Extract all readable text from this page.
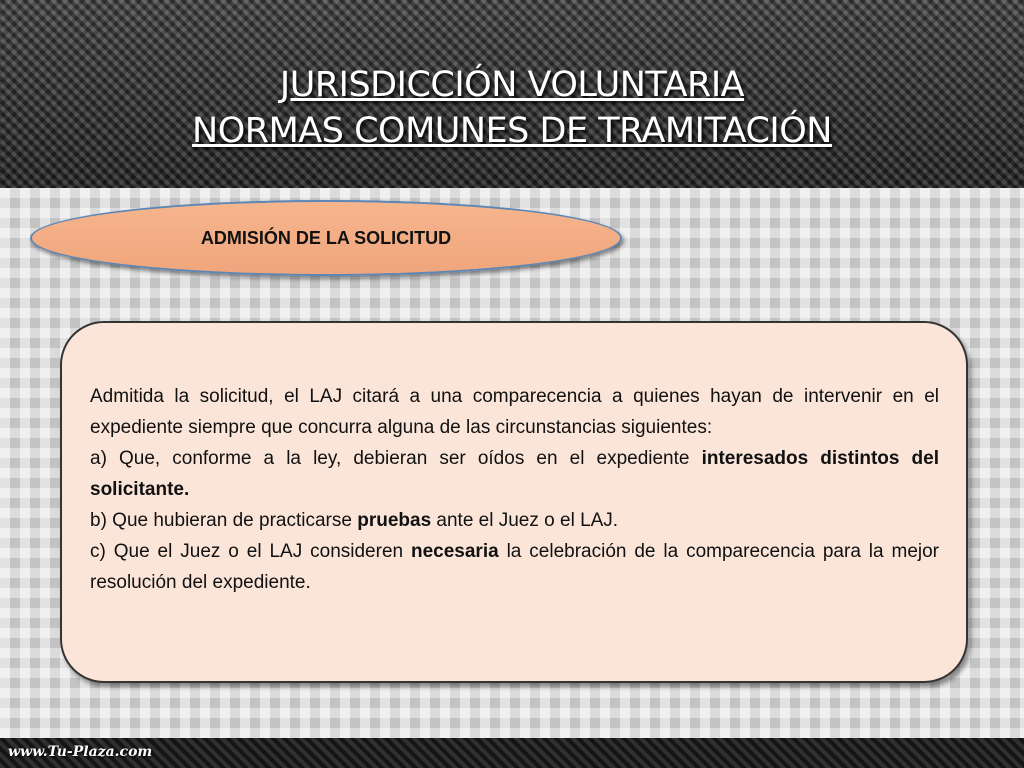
JURISDICCIÓN VOLUNTARIA
NORMAS COMUNES DE TRAMITACIÓN
ADMISIÓN DE LA SOLICITUD

Admitida la solicitud, el LAJ citará a una comparecencia a quienes hayan de intervenir en el expediente siempre que concurra alguna de las circunstancias siguientes:

a) Que, conforme a la ley, debieran ser oídos en el expediente interesados distintos del solicitante.

b) Que hubieran de practicarse pruebas ante el Juez o el LAJ.

c) Que el Juez o el LAJ consideren necesaria la celebración de la comparecencia para la mejor resolución del expediente.

www.Tu-Plaza.com
